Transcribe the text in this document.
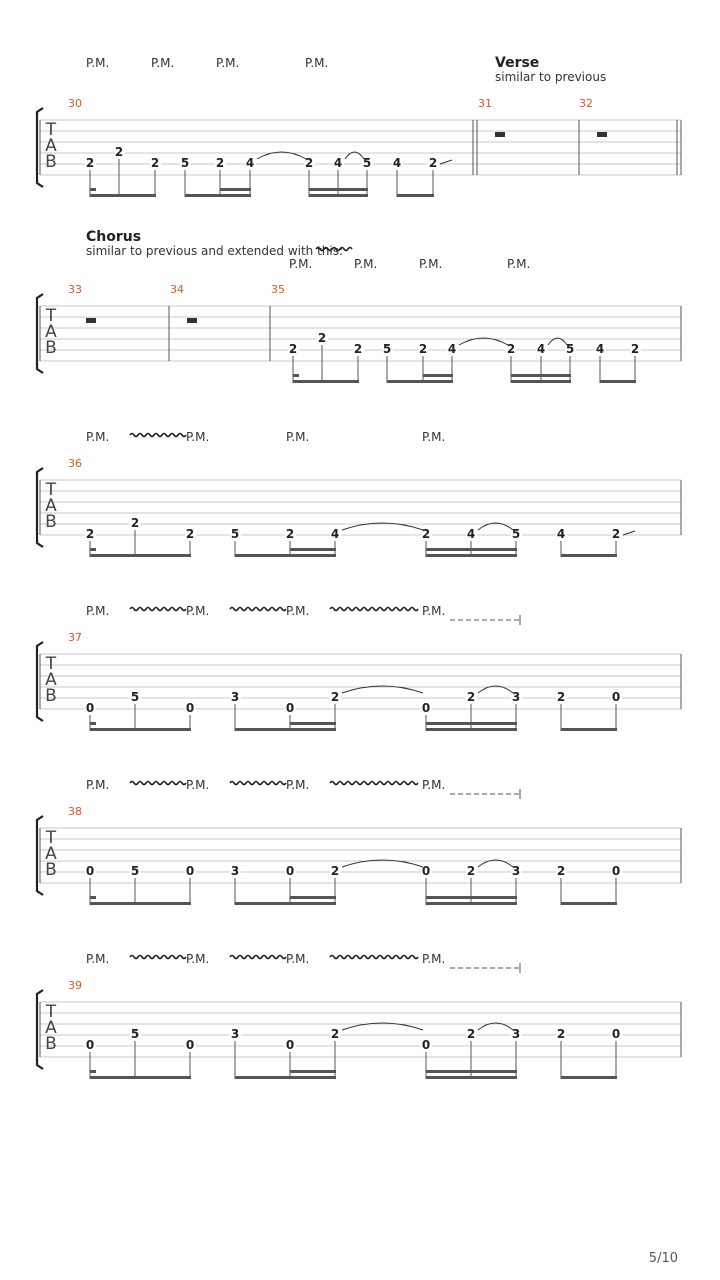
T
A
B
30	31	32
Verse
similar to previous
P.M.	P.M.	P.M.	P.M.
2
2
2 5 2 4	2 4 5 4 2
T
A
B
33	34	35
Chorus
similar to previous and extended with this:
P.M.	P.M.	P.M.	P.M.
2
2
2 5 2 4	2 4 5 4 2
T
A
B
36
P.M.	P.M.	P.M.	P.M.
2
2
2	5	2	4	2	4	5	4	2
T
A
B
37
P.M.	P.M.	P.M.	P.M.
0
5
0
3
0
2
0
2	3	2	0
T
A
B
38
P.M.	P.M.	P.M.	P.M.
0	5	0	3	0	2	0	2	3	2	0
T
A
B
39
P.M.	P.M.	P.M.	P.M.
0
5
0
3
0
2
0
2	3	2	0
5/10
